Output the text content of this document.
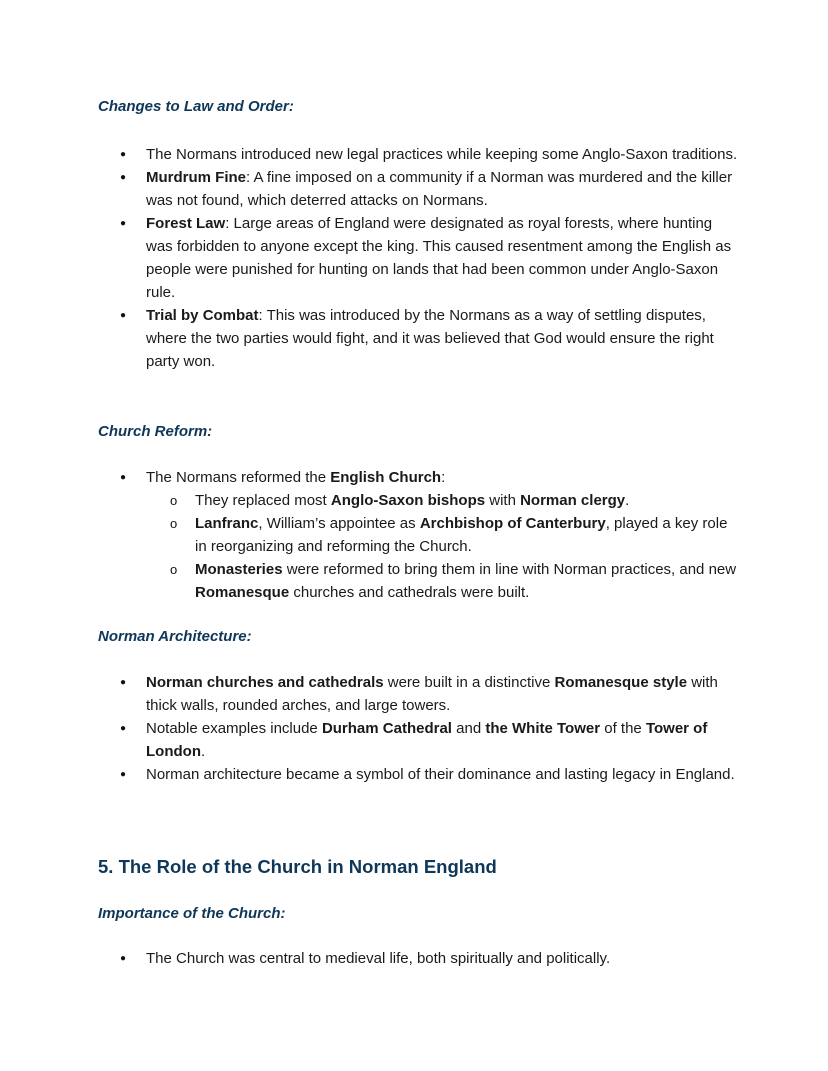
Changes to Law and Order:
● The Normans introduced new legal practices while keeping some Anglo-Saxon traditions.
● Murdrum Fine: A fine imposed on a community if a Norman was murdered and the killer was not found, which deterred attacks on Normans.
● Forest Law: Large areas of England were designated as royal forests, where hunting was forbidden to anyone except the king. This caused resentment among the English as people were punished for hunting on lands that had been common under Anglo-Saxon rule.
● Trial by Combat: This was introduced by the Normans as a way of settling disputes, where the two parties would fight, and it was believed that God would ensure the right party won.
Church Reform:
● The Normans reformed the English Church:
o They replaced most Anglo-Saxon bishops with Norman clergy.
o Lanfranc, William’s appointee as Archbishop of Canterbury, played a key role in reorganizing and reforming the Church.
o Monasteries were reformed to bring them in line with Norman practices, and new Romanesque churches and cathedrals were built.
Norman Architecture:
● Norman churches and cathedrals were built in a distinctive Romanesque style with thick walls, rounded arches, and large towers.
● Notable examples include Durham Cathedral and the White Tower of the Tower of London.
● Norman architecture became a symbol of their dominance and lasting legacy in England.
5. The Role of the Church in Norman England
Importance of the Church:
● The Church was central to medieval life, both spiritually and politically.
